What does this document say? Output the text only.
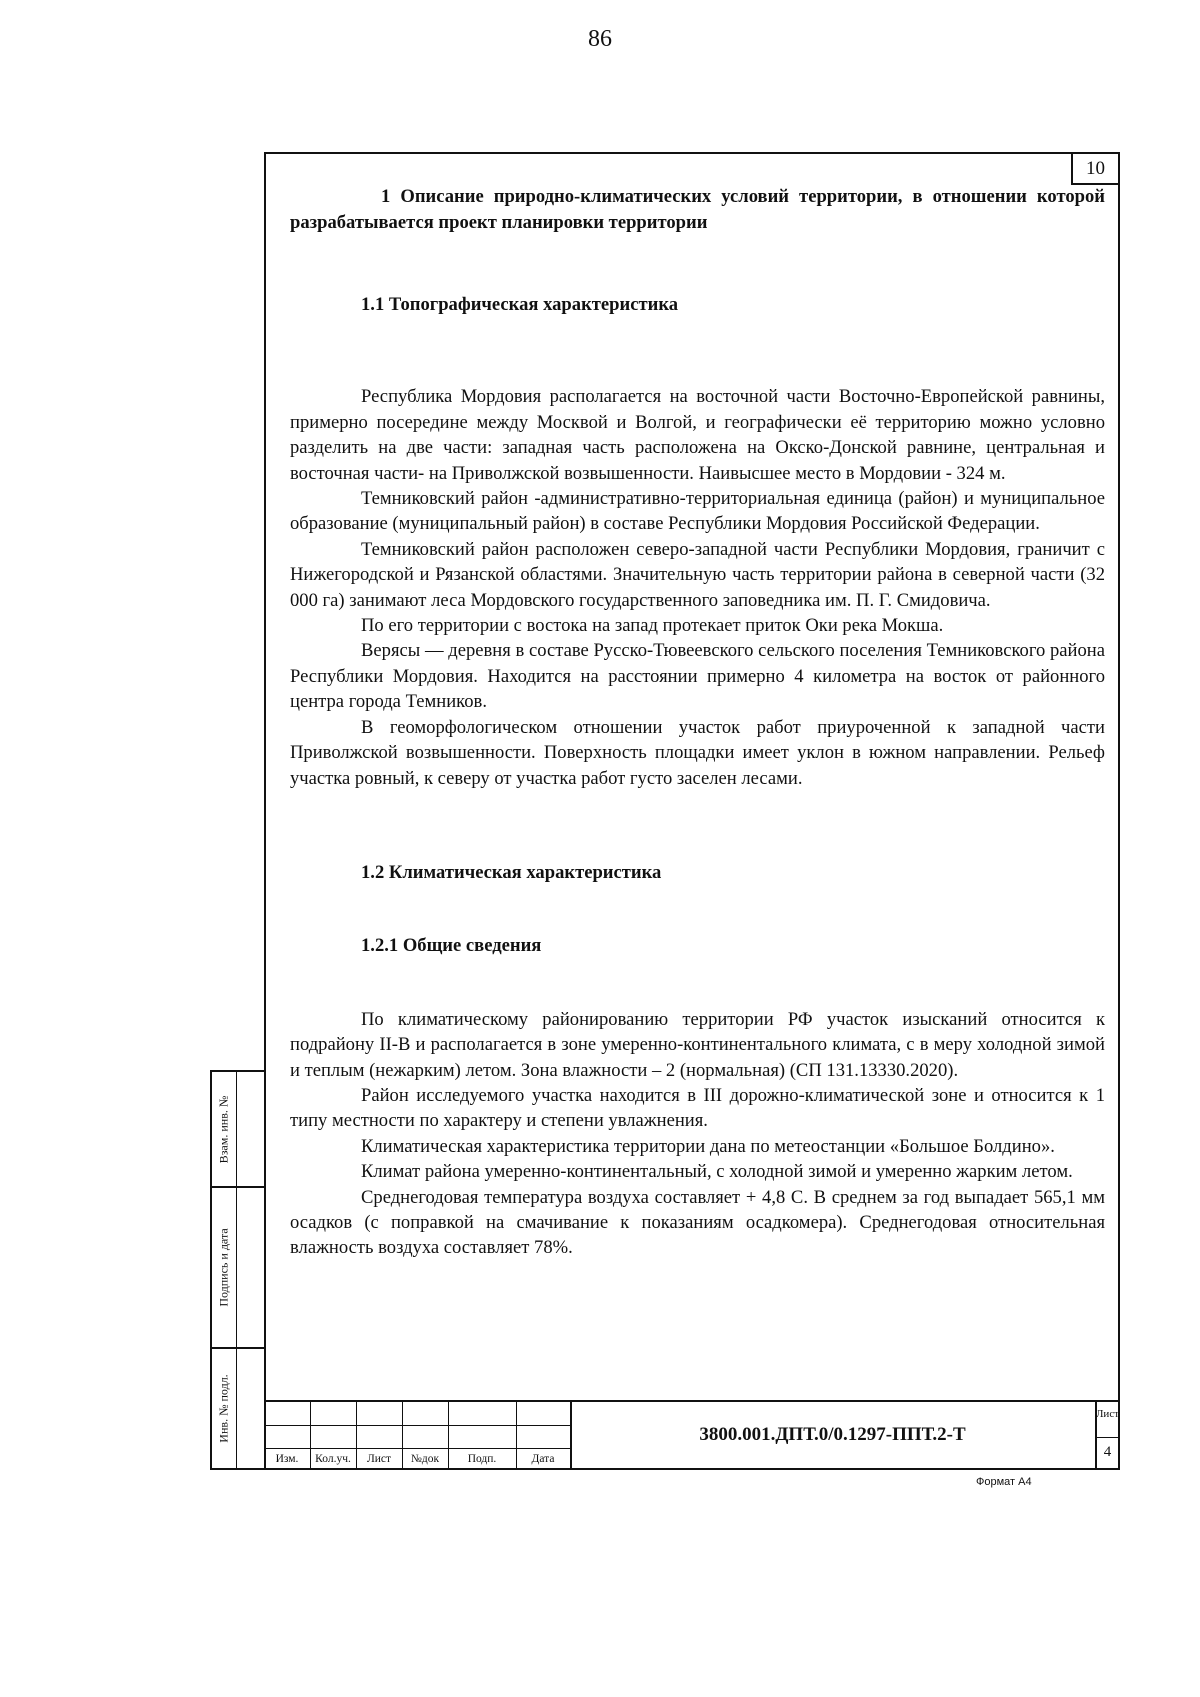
86
10

1 Описание природно-климатических условий территории, в отношении которой разрабатывается проект планировки территории

1.1 Топографическая характеристика

Республика Мордовия располагается на восточной части Восточно-Европейской равнины, примерно посередине между Москвой и Волгой, и географически её территорию можно условно разделить на две части: западная часть расположена на Окско-Донской равнине, центральная и восточная части- на Приволжской возвышенности. Наивысшее место в Мордовии - 324 м.

Темниковский район -административно-территориальная единица (район) и муниципальное образование (муниципальный район) в составе Республики Мордовия Российской Федерации.

Темниковский район расположен северо-западной части Республики Мордовия, граничит с Нижегородской и Рязанской областями. Значительную часть территории района в северной части (32 000 га) занимают леса Мордовского государственного заповедника им. П. Г. Смидовича.

По его территории с востока на запад протекает приток Оки река Мокша.

Верясы — деревня в составе Русско-Тювеевского сельского поселения Темниковского района Республики Мордовия. Находится на расстоянии примерно 4 километра на восток от районного центра города Темников.

В геоморфологическом отношении участок работ приуроченной к западной части Приволжской возвышенности. Поверхность площадки имеет уклон в южном направлении. Рельеф участка ровный, к северу от участка работ густо заселен лесами.

1.2 Климатическая характеристика

1.2.1 Общие сведения

По климатическому районированию территории РФ участок изысканий относится к подрайону II-В и располагается в зоне умеренно-континентального климата, с в меру холодной зимой и теплым (нежарким) летом. Зона влажности – 2 (нормальная) (СП 131.13330.2020).

Район исследуемого участка находится в III дорожно-климатической зоне и относится к 1 типу местности по характеру и степени увлажнения.

Климатическая характеристика территории дана по метеостанции «Большое Болдино».

Климат района умеренно-континентальный, с холодной зимой и умеренно жарким летом.

Среднегодовая температура воздуха составляет + 4,8 С. В среднем за год выпадает 565,1 мм осадков (с поправкой на смачивание к показаниям осадкомера). Среднегодовая относительная влажность воздуха составляет 78%.

Взам. инв. №
Подпись и дата
Инв. № подл.
Изм.	Кол.уч.	Лист	№док	Подп.	Дата
3800.001.ДПТ.0/0.1297-ППТ.2-Т
Лист
4
Формат А4
